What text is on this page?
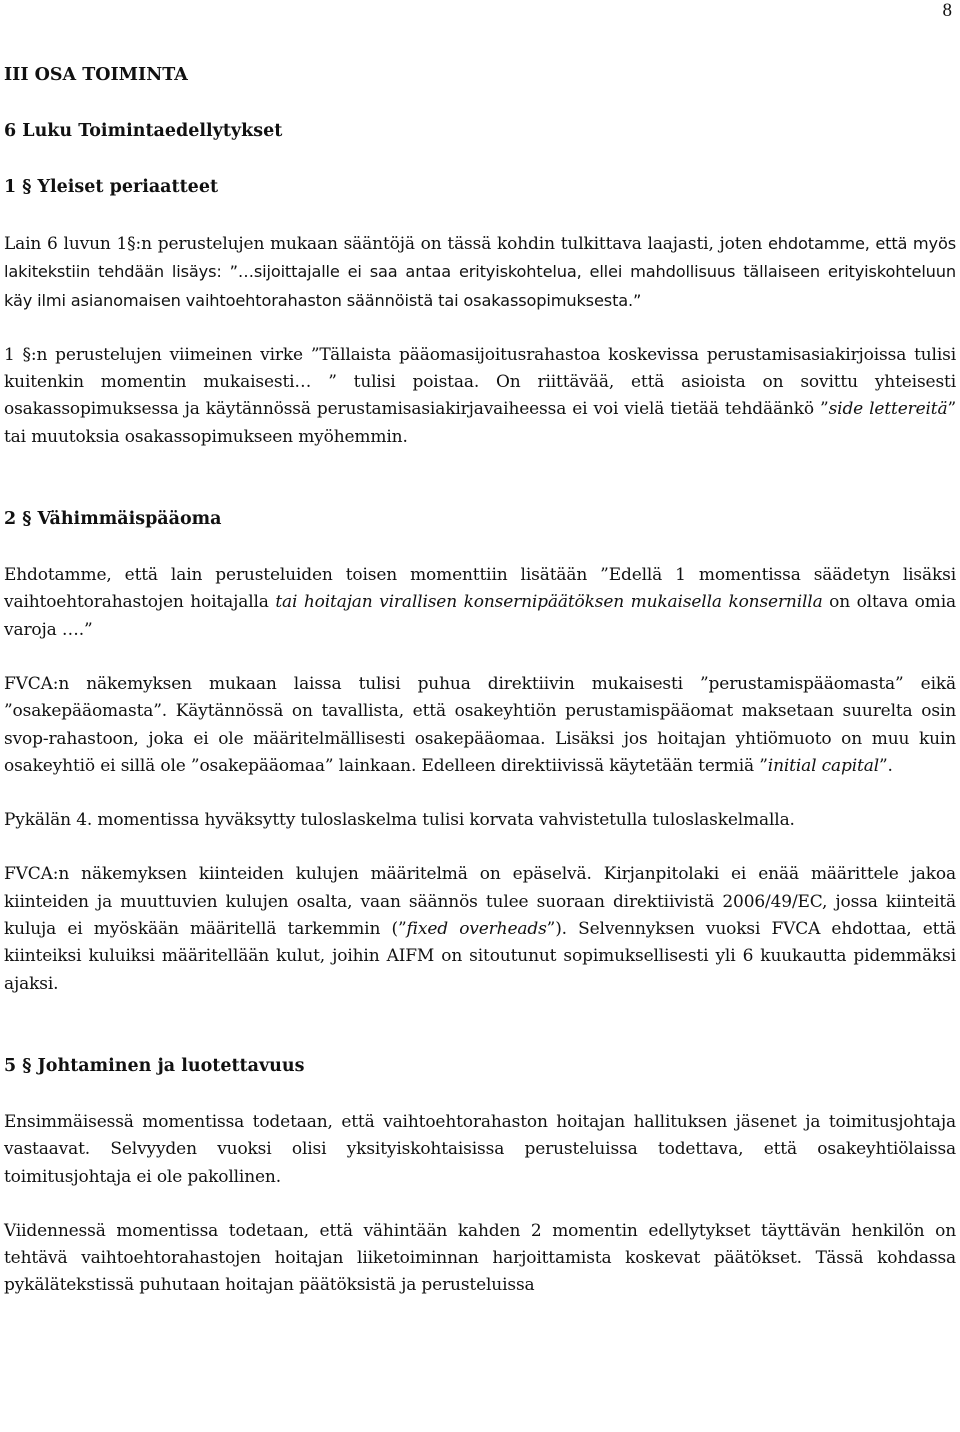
8

III OSA TOIMINTA

6 Luku Toimintaedellytykset

1 § Yleiset periaatteet

Lain 6 luvun 1§:n perustelujen mukaan sääntöjä on tässä kohdin tulkittava laajasti, joten ehdotamme, että myös lakitekstiin tehdään lisäys: ”…sijoittajalle ei saa antaa erityiskohtelua, ellei mahdollisuus tällaiseen erityiskohteluun käy ilmi asianomaisen vaihtoehtorahaston säännöistä tai osakassopimuksesta.”

1 §:n perustelujen viimeinen virke ”Tällaista pääomasijoitusrahastoa koskevissa perustamisasiakirjoissa tulisi kuitenkin momentin mukaisesti… ” tulisi poistaa. On riittävää, että asioista on sovittu yhteisesti osakassopimuksessa ja käytännössä perustamisasiakirjavaiheessa ei voi vielä tietää tehdäänkö ”side lettereitä” tai muutoksia osakassopimukseen myöhemmin.

2 § Vähimmäispääoma

Ehdotamme, että lain perusteluiden toisen momenttiin lisätään ”Edellä 1 momentissa säädetyn lisäksi vaihtoehtorahastojen hoitajalla tai hoitajan virallisen konsernipäätöksen mukaisella konsernilla on oltava omia varoja ….”

FVCA:n näkemyksen mukaan laissa tulisi puhua direktiivin mukaisesti ”perustamispääomasta” eikä ”osakepääomasta”. Käytännössä on tavallista, että osakeyhtiön perustamispääomat maksetaan suurelta osin svop-rahastoon, joka ei ole määritelmällisesti osakepääomaa. Lisäksi jos hoitajan yhtiömuoto on muu kuin osakeyhtiö ei sillä ole ”osakepääomaa” lainkaan. Edelleen direktiivissä käytetään termiä ”initial capital”.

Pykälän 4. momentissa hyväksytty tuloslaskelma tulisi korvata vahvistetulla tuloslaskelmalla.

FVCA:n näkemyksen kiinteiden kulujen määritelmä on epäselvä. Kirjanpitolaki ei enää määrittele jakoa kiinteiden ja muuttuvien kulujen osalta, vaan säännös tulee suoraan direktiivistä 2006/49/EC, jossa kiinteitä kuluja ei myöskään määritellä tarkemmin (”fixed overheads”). Selvennyksen vuoksi FVCA ehdottaa, että kiinteiksi kuluiksi määritellään kulut, joihin AIFM on sitoutunut sopimuksellisesti yli 6 kuukautta pidemmäksi ajaksi.

5 § Johtaminen ja luotettavuus

Ensimmäisessä momentissa todetaan, että vaihtoehtorahaston hoitajan hallituksen jäsenet ja toimitusjohtaja vastaavat. Selvyyden vuoksi olisi yksityiskohtaisissa perusteluissa todettava, että osakeyhtiölaissa toimitusjohtaja ei ole pakollinen.

Viidennessä momentissa todetaan, että vähintään kahden 2 momentin edellytykset täyttävän henkilön on tehtävä vaihtoehtorahastojen hoitajan liiketoiminnan harjoittamista koskevat päätökset. Tässä kohdassa pykälätekstissä puhutaan hoitajan päätöksistä ja perusteluissa
